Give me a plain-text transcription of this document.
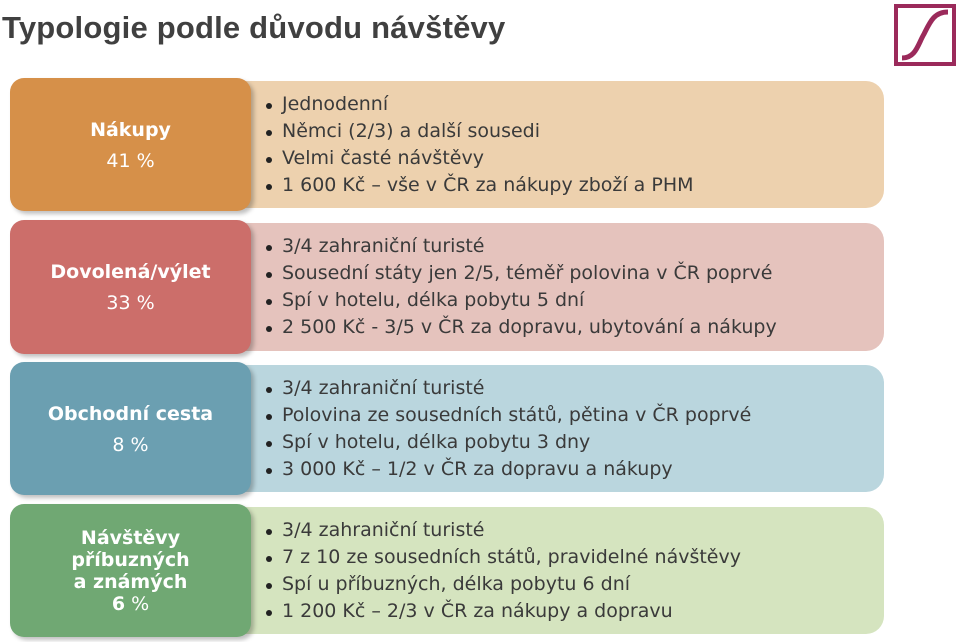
Typologie podle důvodu návštěvy
Jednodenní
Němci (2/3) a další sousedi
Velmi časté návštěvy
1 600 Kč – vše v ČR za nákupy zboží a PHM
Nákupy
41 %
3/4 zahraniční turisté
Sousední státy jen 2/5, téměř polovina v ČR poprvé
Spí v hotelu, délka pobytu 5 dní
2 500 Kč - 3/5 v ČR za dopravu, ubytování a nákupy
Dovolená/výlet
33 %
3/4 zahraniční turisté
Polovina ze sousedních států, pětina v ČR poprvé
Spí v hotelu, délka pobytu 3 dny
3 000 Kč – 1/2 v ČR za dopravu a nákupy
Obchodní cesta
8 %
3/4 zahraniční turisté
7 z 10 ze sousedních států, pravidelné návštěvy
Spí u příbuzných, délka pobytu 6 dní
1 200 Kč – 2/3 v ČR za nákupy a dopravu
Návštěvy
příbuzných
a známých
6 %
